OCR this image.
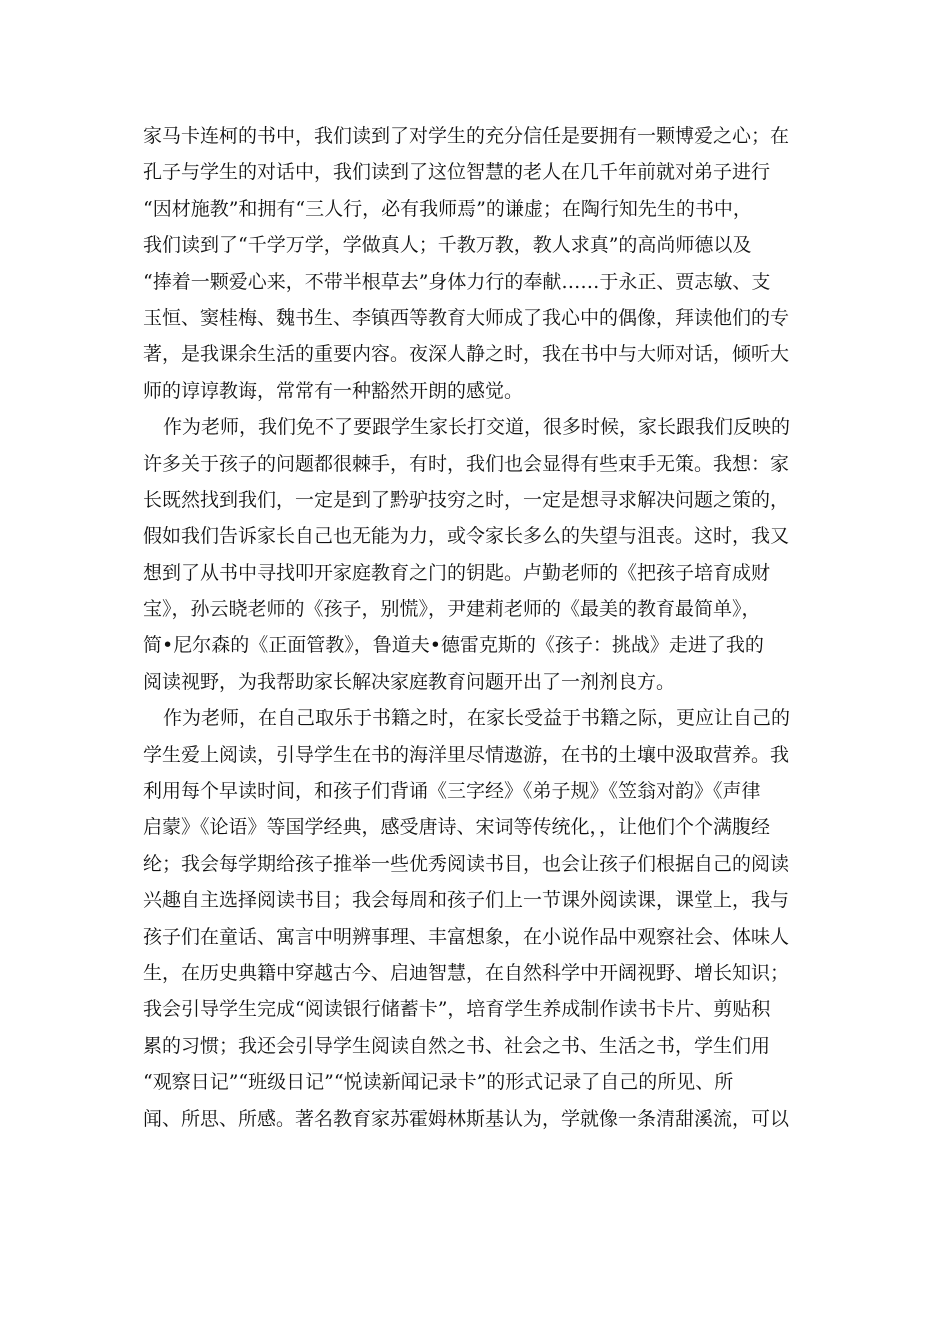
家马卡连柯的书中，我们读到了对学生的充分信任是要拥有一颗博爱之心；在
孔子与学生的对话中，我们读到了这位智慧的老人在几千年前就对弟子进行
“因材施教”和拥有“三人行，必有我师焉”的谦虚；在陶行知先生的书中，
我们读到了“千学万学，学做真人；千教万教，教人求真”的高尚师德以及
“捧着一颗爱心来，不带半根草去”身体力行的奉献……于永正、贾志敏、支
玉恒、窦桂梅、魏书生、李镇西等教育大师成了我心中的偶像，拜读他们的专
著，是我课余生活的重要内容。夜深人静之时，我在书中与大师对话，倾听大
师的谆谆教诲，常常有一种豁然开朗的感觉。
作为老师，我们免不了要跟学生家长打交道，很多时候，家长跟我们反映的
许多关于孩子的问题都很棘手，有时，我们也会显得有些束手无策。我想：家
长既然找到我们，一定是到了黔驴技穷之时，一定是想寻求解决问题之策的，
假如我们告诉家长自己也无能为力，或令家长多么的失望与沮丧。这时，我又
想到了从书中寻找叩开家庭教育之门的钥匙。卢勤老师的《把孩子培育成财
宝》，孙云晓老师的《孩子，别慌》，尹建莉老师的《最美的教育最简单》，
简•尼尔森的《正面管教》，鲁道夫•德雷克斯的《孩子：挑战》走进了我的
阅读视野，为我帮助家长解决家庭教育问题开出了一剂剂良方。
作为老师，在自己取乐于书籍之时，在家长受益于书籍之际，更应让自己的
学生爱上阅读，引导学生在书的海洋里尽情遨游，在书的土壤中汲取营养。我
利用每个早读时间，和孩子们背诵《三字经》《弟子规》《笠翁对韵》《声律
启蒙》《论语》等国学经典，感受唐诗、宋词等传统化，，让他们个个满腹经
纶；我会每学期给孩子推举一些优秀阅读书目，也会让孩子们根据自己的阅读
兴趣自主选择阅读书目；我会每周和孩子们上一节课外阅读课，课堂上，我与
孩子们在童话、寓言中明辨事理、丰富想象，在小说作品中观察社会、体味人
生，在历史典籍中穿越古今、启迪智慧，在自然科学中开阔视野、增长知识；
我会引导学生完成“阅读银行储蓄卡”，培育学生养成制作读书卡片、剪贴积
累的习惯；我还会引导学生阅读自然之书、社会之书、生活之书，学生们用
“观察日记”“班级日记”“悦读新闻记录卡”的形式记录了自己的所见、所
闻、所思、所感。著名教育家苏霍姆林斯基认为，学就像一条清甜溪流，可以
